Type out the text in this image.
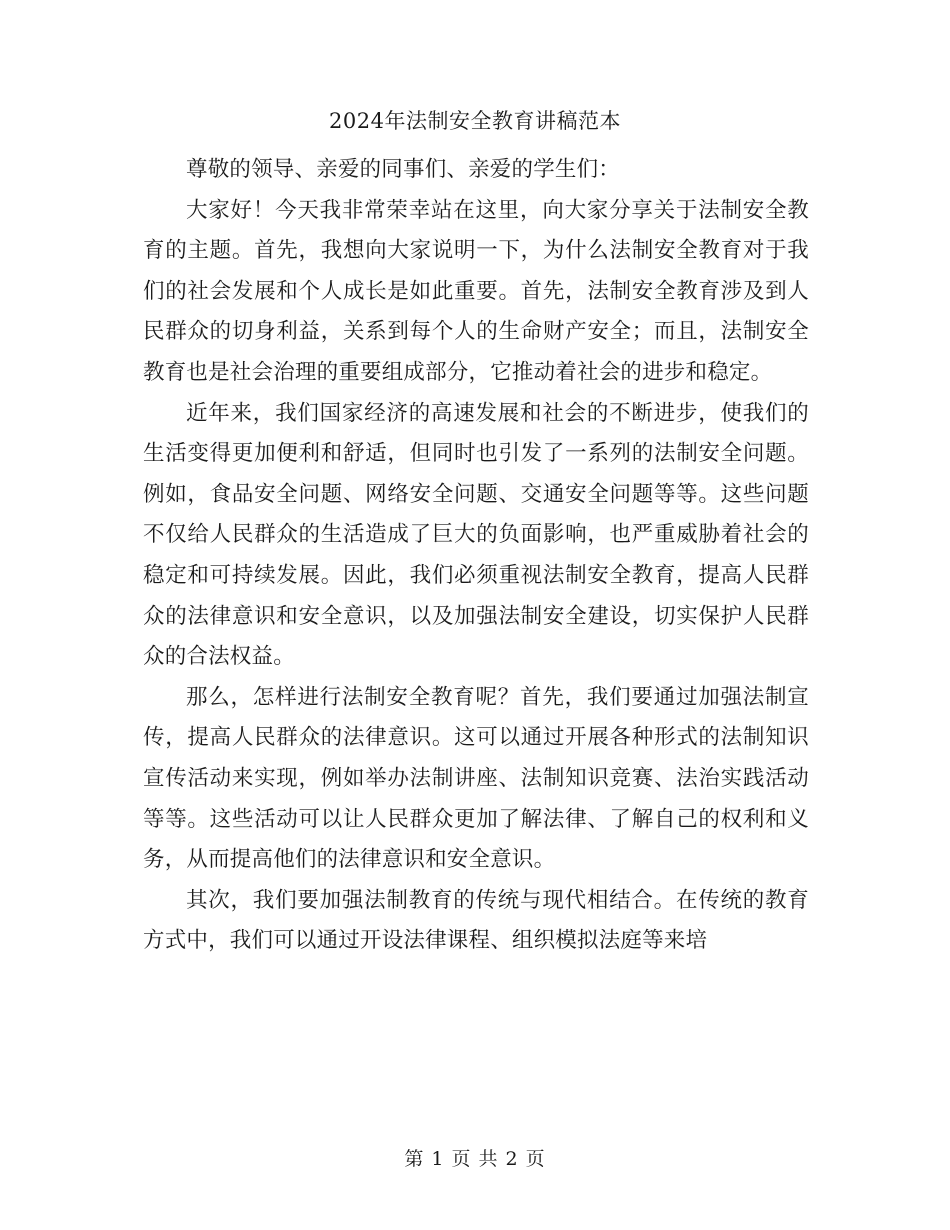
2024年法制安全教育讲稿范本

尊敬的领导、亲爱的同事们、亲爱的学生们：

大家好！今天我非常荣幸站在这里，向大家分享关于法制安全教育的主题。首先，我想向大家说明一下，为什么法制安全教育对于我们的社会发展和个人成长是如此重要。首先，法制安全教育涉及到人民群众的切身利益，关系到每个人的生命财产安全；而且，法制安全教育也是社会治理的重要组成部分，它推动着社会的进步和稳定。

近年来，我们国家经济的高速发展和社会的不断进步，使我们的生活变得更加便利和舒适，但同时也引发了一系列的法制安全问题。例如，食品安全问题、网络安全问题、交通安全问题等等。这些问题不仅给人民群众的生活造成了巨大的负面影响，也严重威胁着社会的稳定和可持续发展。因此，我们必须重视法制安全教育，提高人民群众的法律意识和安全意识，以及加强法制安全建设，切实保护人民群众的合法权益。

那么，怎样进行法制安全教育呢？首先，我们要通过加强法制宣传，提高人民群众的法律意识。这可以通过开展各种形式的法制知识宣传活动来实现，例如举办法制讲座、法制知识竞赛、法治实践活动等等。这些活动可以让人民群众更加了解法律、了解自己的权利和义务，从而提高他们的法律意识和安全意识。

其次，我们要加强法制教育的传统与现代相结合。在传统的教育方式中，我们可以通过开设法律课程、组织模拟法庭等来培

第 1 页 共 2 页
